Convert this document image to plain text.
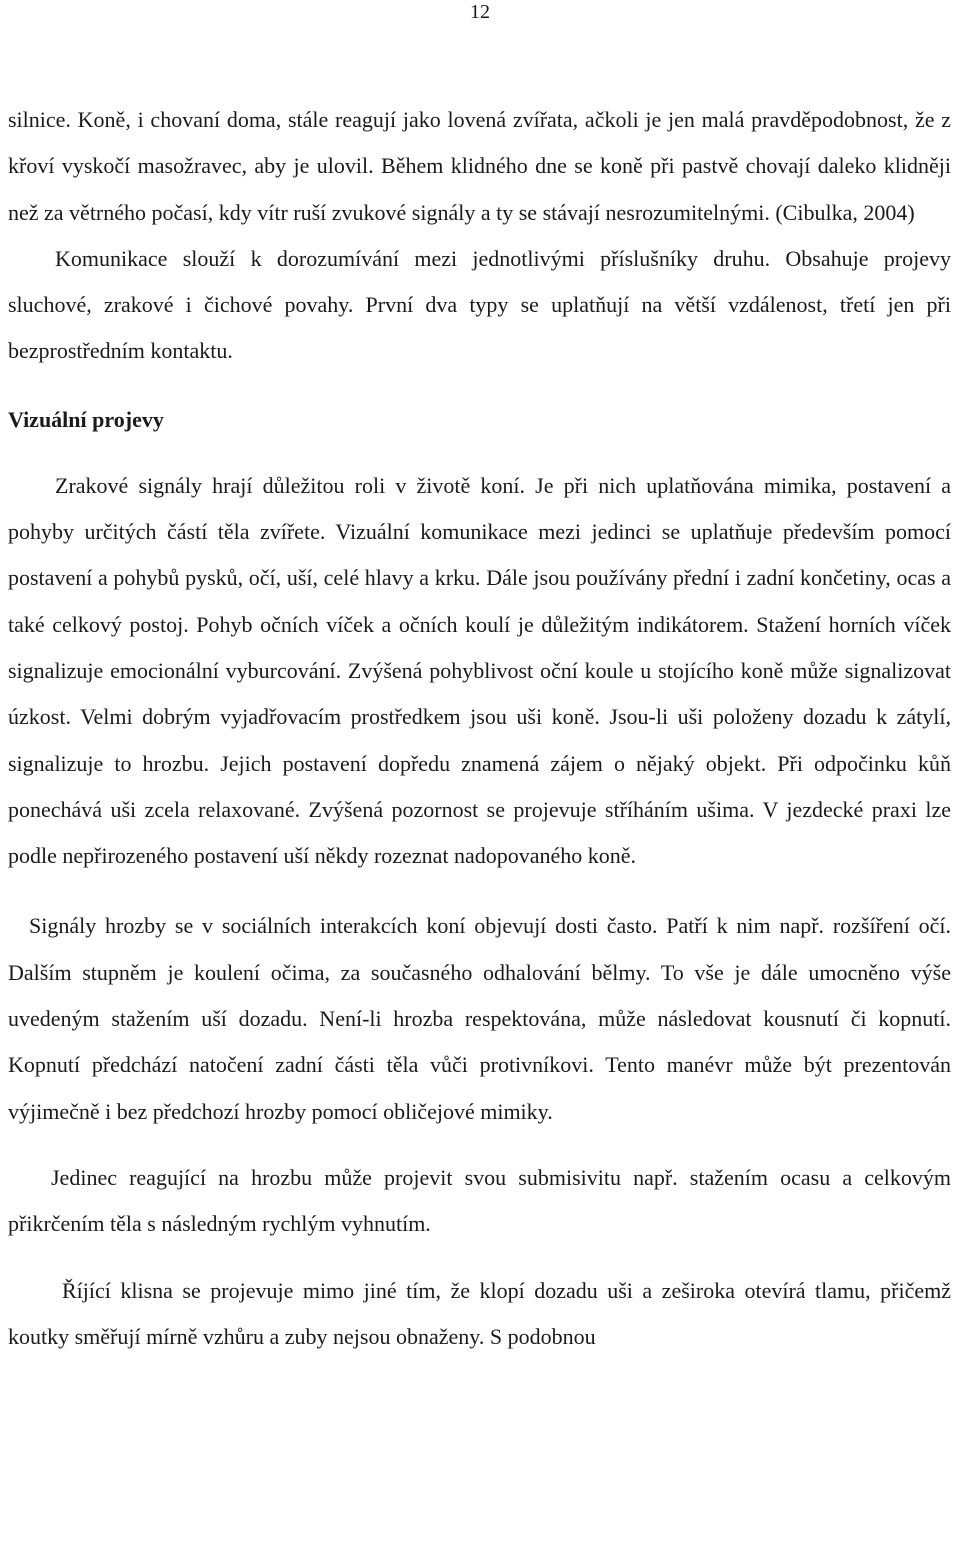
12

silnice. Koně, i chovaní doma, stále reagují jako lovená zvířata, ačkoli je jen malá pravděpodobnost, že z křoví vyskočí masožravec, aby je ulovil. Během klidného dne se koně při pastvě chovají daleko klidněji než za větrného počasí, kdy vítr ruší zvukové signály a ty se stávají nesrozumitelnými. (Cibulka, 2004)

Komunikace slouží k dorozumívání mezi jednotlivými příslušníky druhu. Obsahuje projevy sluchové, zrakové i čichové povahy. První dva typy se uplatňují na větší vzdálenost, třetí jen při bezprostředním kontaktu.

Vizuální projevy

Zrakové signály hrají důležitou roli v životě koní. Je při nich uplatňována mimika, postavení a pohyby určitých částí těla zvířete. Vizuální komunikace mezi jedinci se uplatňuje především pomocí postavení a pohybů pysků, očí, uší, celé hlavy a krku. Dále jsou používány přední i zadní končetiny, ocas a také celkový postoj. Pohyb očních víček a očních koulí je důležitým indikátorem. Stažení horních víček signalizuje emocionální vyburcování. Zvýšená pohyblivost oční koule u stojícího koně může signalizovat úzkost. Velmi dobrým vyjadřovacím prostředkem jsou uši koně. Jsou-li uši položeny dozadu k zátylí, signalizuje to hrozbu. Jejich postavení dopředu znamená zájem o nějaký objekt. Při odpočinku kůň ponechává uši zcela relaxované. Zvýšená pozornost se projevuje stříháním ušima. V jezdecké praxi lze podle nepřirozeného postavení uší někdy rozeznat nadopovaného koně.

Signály hrozby se v sociálních interakcích koní objevují dosti často. Patří k nim např. rozšíření očí. Dalším stupněm je koulení očima, za současného odhalování bělmy. To vše je dále umocněno výše uvedeným stažením uší dozadu. Není-li hrozba respektována, může následovat kousnutí či kopnutí. Kopnutí předchází natočení zadní části těla vůči protivníkovi. Tento manévr může být prezentován výjimečně i bez předchozí hrozby pomocí obličejové mimiky.

Jedinec reagující na hrozbu může projevit svou submisivitu např. stažením ocasu a celkovým přikrčením těla s následným rychlým vyhnutím.

Říjící klisna se projevuje mimo jiné tím, že klopí dozadu uši a zeširoka otevírá tlamu, přičemž koutky směřují mírně vzhůru a zuby nejsou obnaženy. S podobnou
